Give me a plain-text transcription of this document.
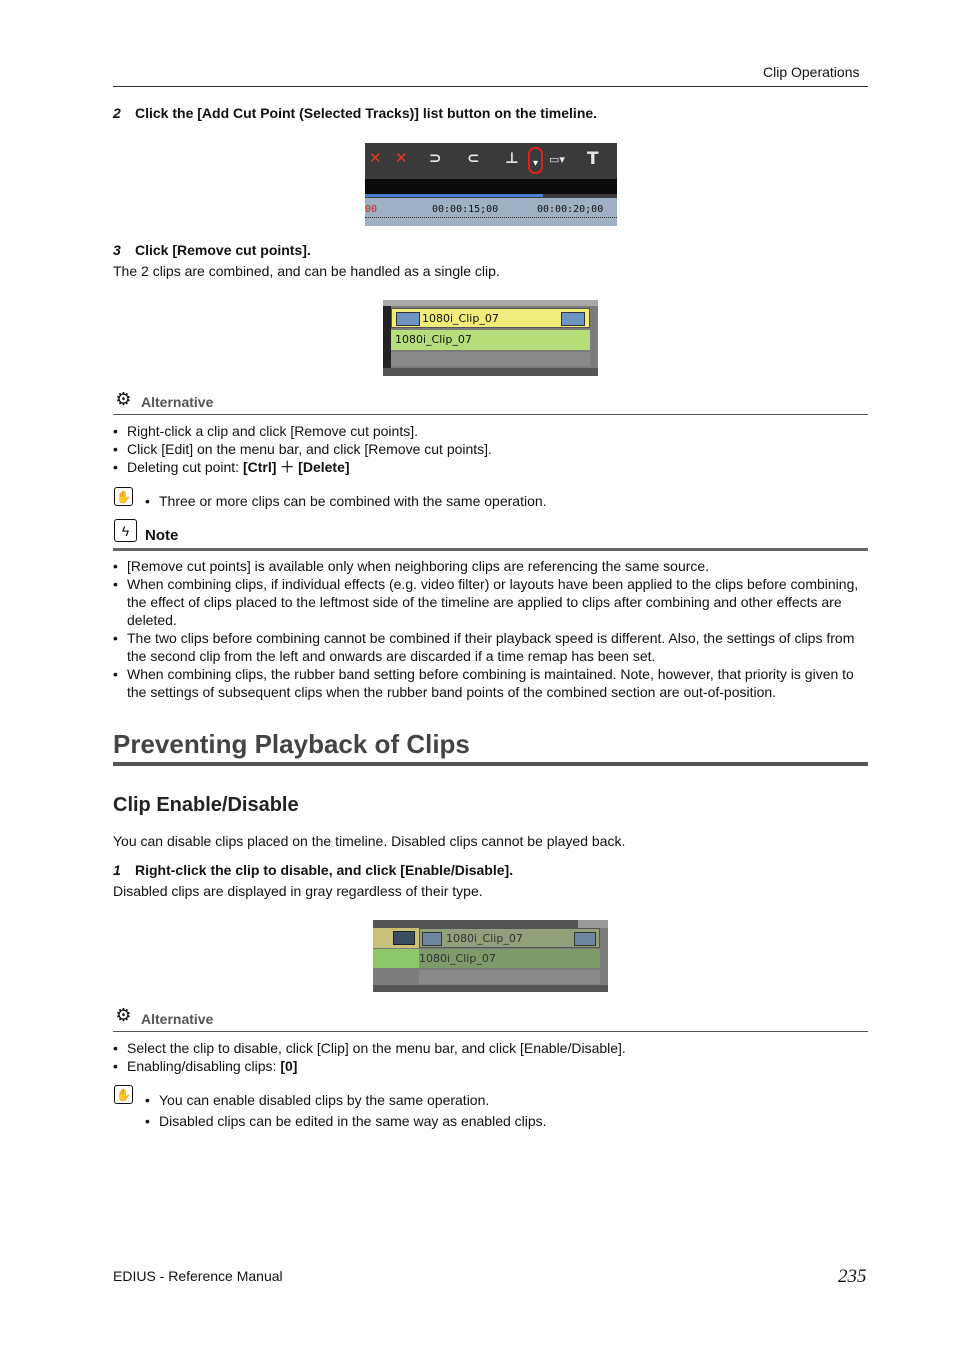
Clip Operations
2 Click the [Add Cut Point (Selected Tracks)] list button on the timeline.
✕ ✕ ⊃ ⊂ ⊥	▾ ▭▾ T
00	00:00:15;00	00:00:20;00
3 Click [Remove cut points].
The 2 clips are combined, and can be handled as a single clip.
1080i_Clip_07
1080i_Clip_07
⚙ Alternative
• Right-click a clip and click [Remove cut points].
• Click [Edit] on the menu bar, and click [Remove cut points].
• Deleting cut point: [Ctrl] ＋ [Delete]
✋	• Three or more clips can be combined with the same operation.
ϟ	Note
• [Remove cut points] is available only when neighboring clips are referencing the same source.
• When combining clips, if individual effects (e.g. video filter) or layouts have been applied to the clips before combining, the effect of clips placed to the leftmost side of the timeline are applied to clips after combining and other effects are deleted.
• The two clips before combining cannot be combined if their playback speed is different. Also, the settings of clips from the second clip from the left and onwards are discarded if a time remap has been set.
• When combining clips, the rubber band setting before combining is maintained. Note, however, that priority is given to the settings of subsequent clips when the rubber band points of the combined section are out-of-position.
Preventing Playback of Clips
Clip Enable/Disable
You can disable clips placed on the timeline. Disabled clips cannot be played back.
1 Right-click the clip to disable, and click [Enable/Disable].
Disabled clips are displayed in gray regardless of their type.
1080i_Clip_07
1080i_Clip_07
⚙ Alternative
• Select the clip to disable, click [Clip] on the menu bar, and click [Enable/Disable].
• Enabling/disabling clips: [0]
✋	• You can enable disabled clips by the same operation.
• Disabled clips can be edited in the same way as enabled clips.
EDIUS - Reference Manual	235
